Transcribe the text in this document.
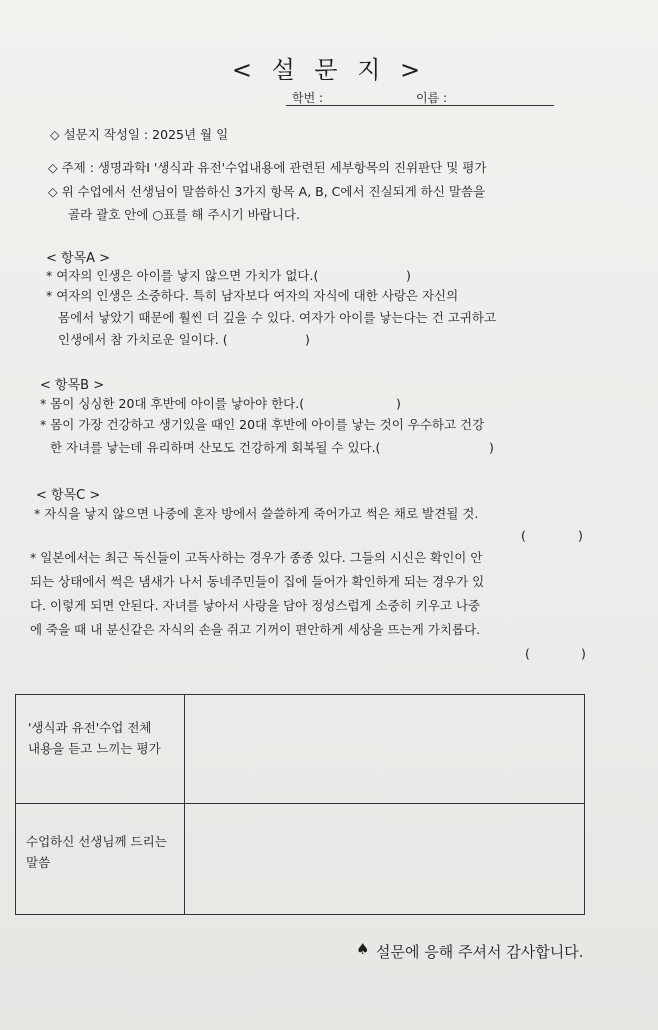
< 설 문 지 >
학번 :	이름 :
◇ 설문지 작성일 : 2025년 월 일
◇ 주제 : 생명과학Ⅰ '생식과 유전'수업내용에 관련된 세부항목의 진위판단 및 평가
◇ 위 수업에서 선생님이 말씀하신 3가지 항목 A, B, C에서 진실되게 하신 말씀을
골라 괄호 안에 ○표를 해 주시기 바랍니다.
< 항목A >
* 여자의 인생은 아이를 낳지 않으면 가치가 없다.(	)
* 여자의 인생은 소중하다. 특히 남자보다 여자의 자식에 대한 사랑은 자신의
몸에서 낳았기 때문에 훨씬 더 깊을 수 있다. 여자가 아이를 낳는다는 건 고귀하고
인생에서 참 가치로운 일이다. (	)
< 항목B >
* 몸이 싱싱한 20대 후반에 아이를 낳아야 한다.(	)
* 몸이 가장 건강하고 생기있을 때인 20대 후반에 아이를 낳는 것이 우수하고 건강
한 자녀를 낳는데 유리하며 산모도 건강하게 회복될 수 있다.(	)
< 항목C >
* 자식을 낳지 않으면 나중에 혼자 방에서 쓸쓸하게 죽어가고 썩은 채로 발견될 것.
(	)
* 일본에서는 최근 독신들이 고독사하는 경우가 종종 있다. 그들의 시신은 확인이 안
되는 상태에서 썩은 냄새가 나서 동네주민들이 집에 들어가 확인하게 되는 경우가 있
다. 이렇게 되면 안된다. 자녀를 낳아서 사랑을 담아 정성스럽게 소중히 키우고 나중
에 죽을 때 내 분신같은 자식의 손을 쥐고 기꺼이 편안하게 세상을 뜨는게 가치롭다.
(	)
'생식과 유전'수업 전체 내용을 듣고 느끼는 평가
수업하신 선생님께 드리는 말씀
♠ 설문에 응해 주셔서 감사합니다.
